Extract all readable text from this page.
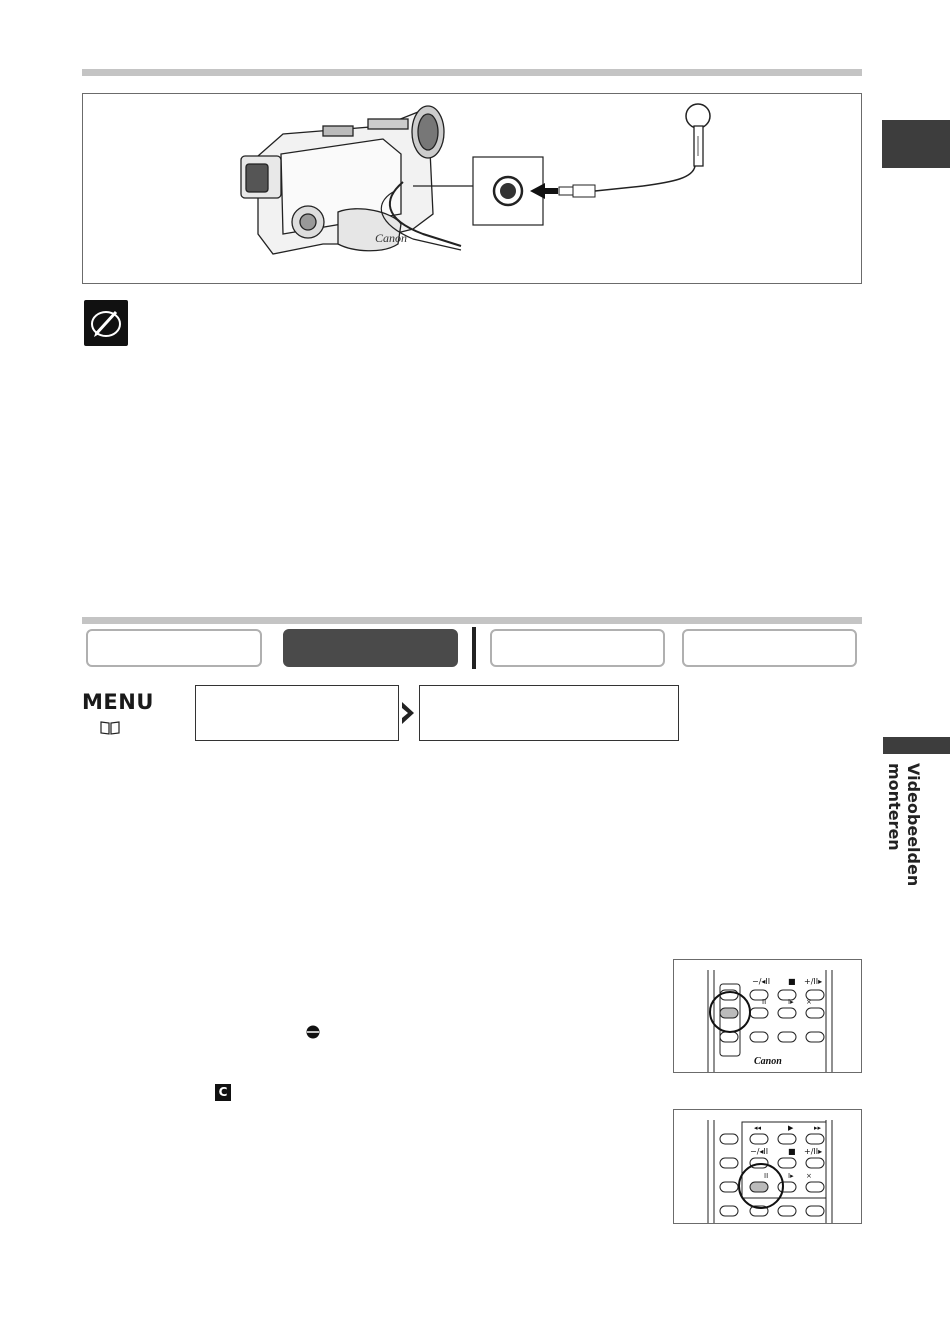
Canon
MENU
Videobeelden
monteren
C
−/◂II ■ +/II▸
II	I▸ ×
Canon
◂◂	▶	▸▸
−/◂II ■ +/II▸
II	I▸ ×
